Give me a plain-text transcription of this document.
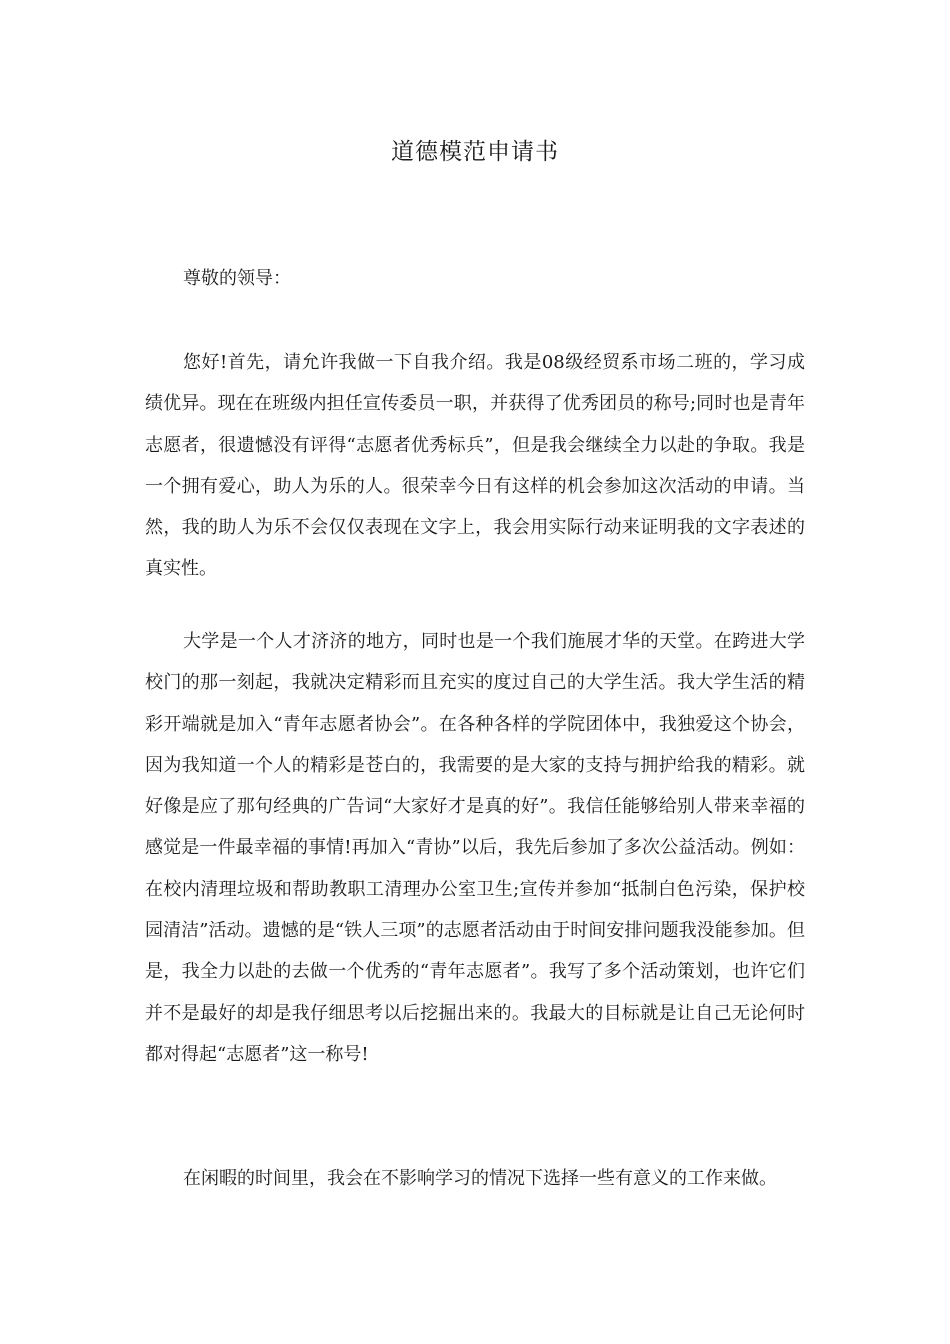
道德模范申请书
尊敬的领导：

您好!首先，请允许我做一下自我介绍。我是08级经贸系市场二班的，学习成绩优异。现在在班级内担任宣传委员一职，并获得了优秀团员的称号;同时也是青年志愿者，很遗憾没有评得“志愿者优秀标兵”，但是我会继续全力以赴的争取。我是一个拥有爱心，助人为乐的人。很荣幸今日有这样的机会参加这次活动的申请。当然，我的助人为乐不会仅仅表现在文字上，我会用实际行动来证明我的文字表述的真实性。

大学是一个人才济济的地方，同时也是一个我们施展才华的天堂。在跨进大学校门的那一刻起，我就决定精彩而且充实的度过自己的大学生活。我大学生活的精彩开端就是加入“青年志愿者协会”。在各种各样的学院团体中，我独爱这个协会，因为我知道一个人的精彩是苍白的，我需要的是大家的支持与拥护给我的精彩。就好像是应了那句经典的广告词“大家好才是真的好”。我信任能够给别人带来幸福的感觉是一件最幸福的事情!再加入“青协”以后，我先后参加了多次公益活动。例如：在校内清理垃圾和帮助教职工清理办公室卫生;宣传并参加“抵制白色污染，保护校园清洁”活动。遗憾的是“铁人三项”的志愿者活动由于时间安排问题我没能参加。但是，我全力以赴的去做一个优秀的“青年志愿者”。我写了多个活动策划，也许它们并不是最好的却是我仔细思考以后挖掘出来的。我最大的目标就是让自己无论何时都对得起“志愿者”这一称号!

在闲暇的时间里，我会在不影响学习的情况下选择一些有意义的工作来做。
